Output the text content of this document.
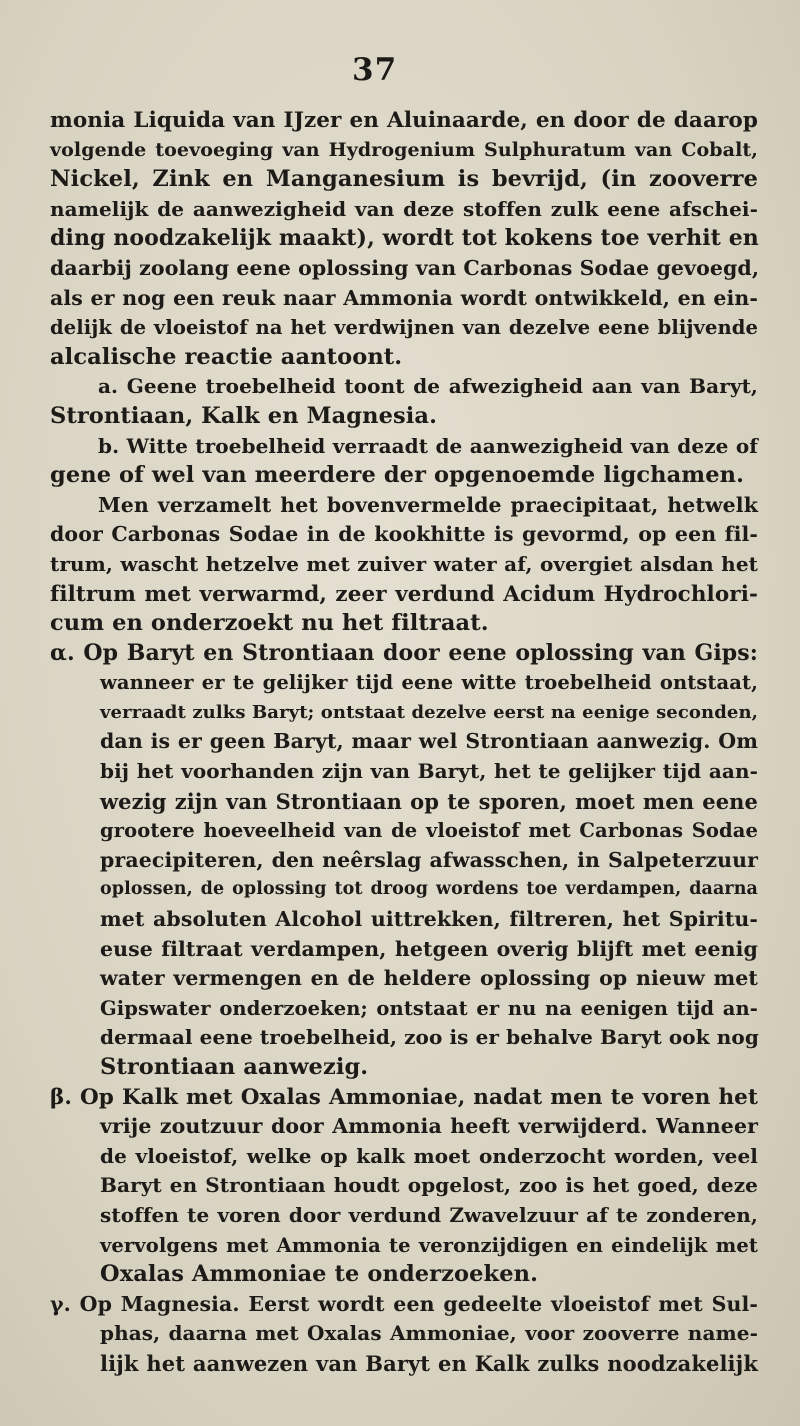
37
monia Liquida van IJzer en Aluinaarde, en door de daarop
volgende toevoeging van Hydrogenium Sulphuratum van Cobalt,
Nickel, Zink en Manganesium is bevrijd, (in zooverre
namelijk de aanwezigheid van deze stoffen zulk eene afschei-
ding noodzakelijk maakt), wordt tot kokens toe verhit en
daarbij zoolang eene oplossing van Carbonas Sodae gevoegd,
als er nog een reuk naar Ammonia wordt ontwikkeld, en ein-
delijk de vloeistof na het verdwijnen van dezelve eene blijvende
alcalische reactie aantoont.
a. Geene troebelheid toont de afwezigheid aan van Baryt,
Strontiaan, Kalk en Magnesia.
b. Witte troebelheid verraadt de aanwezigheid van deze of
gene of wel van meerdere der opgenoemde ligchamen.
Men verzamelt het bovenvermelde praecipitaat, hetwelk
door Carbonas Sodae in de kookhitte is gevormd, op een fil-
trum, wascht hetzelve met zuiver water af, overgiet alsdan het
filtrum met verwarmd, zeer verdund Acidum Hydrochlori-
cum en onderzoekt nu het filtraat.
α. Op Baryt en Strontiaan door eene oplossing van Gips:
wanneer er te gelijker tijd eene witte troebelheid ontstaat,
verraadt zulks Baryt; ontstaat dezelve eerst na eenige seconden,
dan is er geen Baryt, maar wel Strontiaan aanwezig. Om
bij het voorhanden zijn van Baryt, het te gelijker tijd aan-
wezig zijn van Strontiaan op te sporen, moet men eene
grootere hoeveelheid van de vloeistof met Carbonas Sodae
praecipiteren, den neêrslag afwasschen, in Salpeterzuur
oplossen, de oplossing tot droog wordens toe verdampen, daarna
met absoluten Alcohol uittrekken, filtreren, het Spiritu-
euse filtraat verdampen, hetgeen overig blijft met eenig
water vermengen en de heldere oplossing op nieuw met
Gipswater onderzoeken; ontstaat er nu na eenigen tijd an-
dermaal eene troebelheid, zoo is er behalve Baryt ook nog
Strontiaan aanwezig.
β. Op Kalk met Oxalas Ammoniae, nadat men te voren het
vrije zoutzuur door Ammonia heeft verwijderd. Wanneer
de vloeistof, welke op kalk moet onderzocht worden, veel
Baryt en Strontiaan houdt opgelost, zoo is het goed, deze
stoffen te voren door verdund Zwavelzuur af te zonderen,
vervolgens met Ammonia te veronzijdigen en eindelijk met
Oxalas Ammoniae te onderzoeken.
γ. Op Magnesia. Eerst wordt een gedeelte vloeistof met Sul-
phas, daarna met Oxalas Ammoniae, voor zooverre name-
lijk het aanwezen van Baryt en Kalk zulks noodzakelijk
